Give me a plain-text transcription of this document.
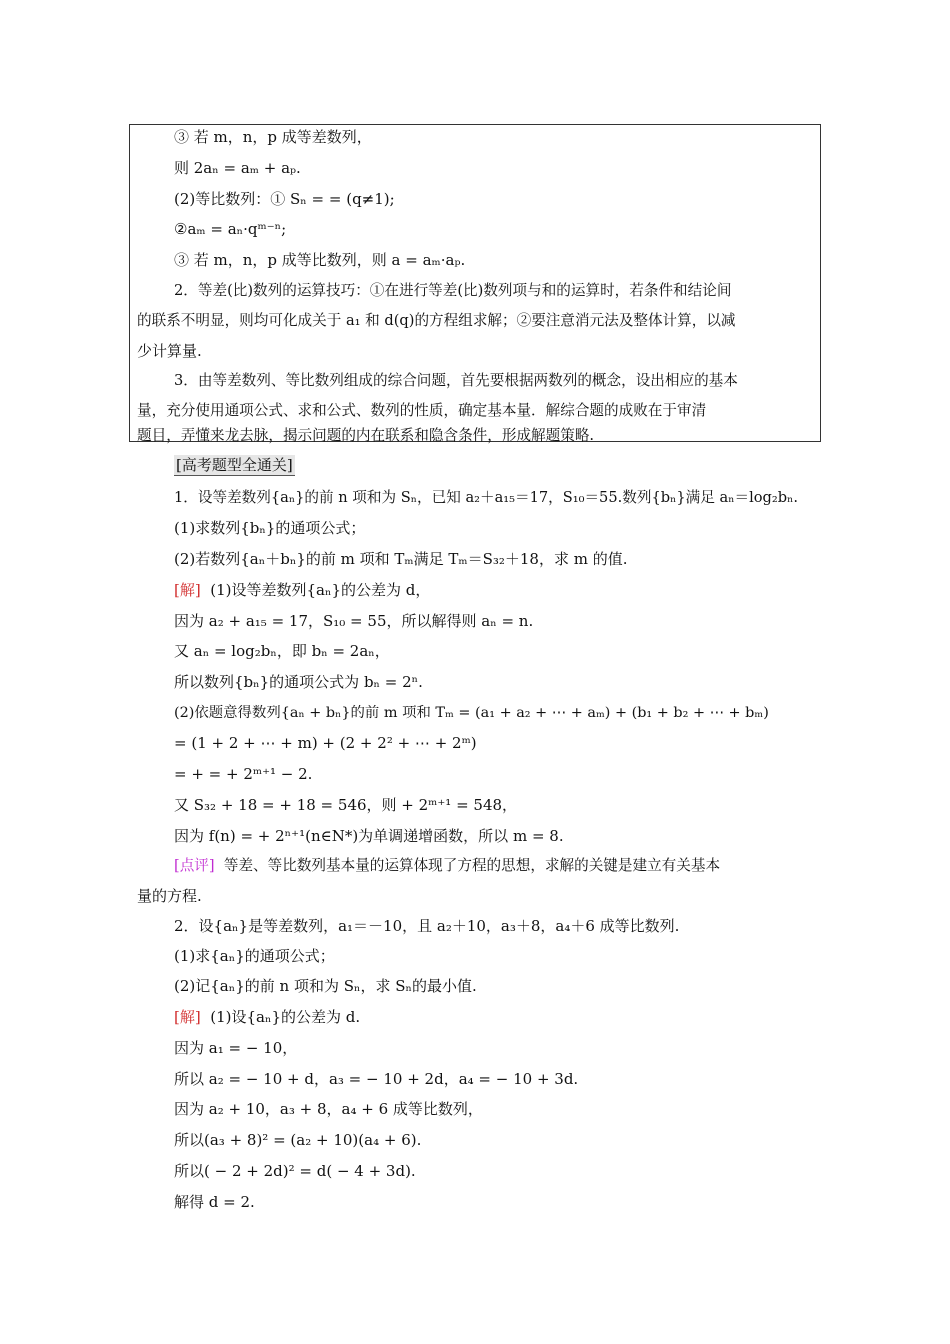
③ 若 m，n，p 成等差数列，
则 2aₙ = aₘ + aₚ.
(2)等比数列：① Sₙ = = (q≠1);
②aₘ = aₙ·qᵐ⁻ⁿ;
③ 若 m，n，p 成等比数列，则 a = aₘ·aₚ.
2．等差(比)数列的运算技巧：①在进行等差(比)数列项与和的运算时，若条件和结论间
的联系不明显，则均可化成关于 a₁ 和 d(q)的方程组求解；②要注意消元法及整体计算，以减
少计算量.
3．由等差数列、等比数列组成的综合问题，首先要根据两数列的概念，设出相应的基本
量，充分使用通项公式、求和公式、数列的性质，确定基本量．解综合题的成败在于审清
题目，弄懂来龙去脉，揭示问题的内在联系和隐含条件，形成解题策略.
[高考题型全通关]
1．设等差数列{aₙ}的前 n 项和为 Sₙ，已知 a₂＋a₁₅＝17，S₁₀＝55.数列{bₙ}满足 aₙ＝log₂bₙ.
(1)求数列{bₙ}的通项公式；
(2)若数列{aₙ＋bₙ}的前 m 项和 Tₘ满足 Tₘ＝S₃₂＋18，求 m 的值.
[解] (1)设等差数列{aₙ}的公差为 d，
因为 a₂ + a₁₅ = 17，S₁₀ = 55，所以解得则 aₙ = n.
又 aₙ = log₂bₙ，即 bₙ = 2aₙ，
所以数列{bₙ}的通项公式为 bₙ = 2ⁿ.
(2)依题意得数列{aₙ + bₙ}的前 m 项和 Tₘ = (a₁ + a₂ + ⋯ + aₘ) + (b₁ + b₂ + ⋯ + bₘ)
= (1 + 2 + ⋯ + m) + (2 + 2² + ⋯ + 2ᵐ)
= + = + 2ᵐ⁺¹ − 2.
又 S₃₂ + 18 = + 18 = 546，则 + 2ᵐ⁺¹ = 548，
因为 f(n) = + 2ⁿ⁺¹(n∈N*)为单调递增函数，所以 m = 8.
[点评] 等差、等比数列基本量的运算体现了方程的思想，求解的关键是建立有关基本
量的方程.
2．设{aₙ}是等差数列，a₁＝－10，且 a₂＋10，a₃＋8，a₄＋6 成等比数列.
(1)求{aₙ}的通项公式；
(2)记{aₙ}的前 n 项和为 Sₙ，求 Sₙ的最小值.
[解] (1)设{aₙ}的公差为 d.
因为 a₁ = − 10，
所以 a₂ = − 10 + d，a₃ = − 10 + 2d，a₄ = − 10 + 3d.
因为 a₂ + 10，a₃ + 8，a₄ + 6 成等比数列，
所以(a₃ + 8)² = (a₂ + 10)(a₄ + 6).
所以( − 2 + 2d)² = d( − 4 + 3d).
解得 d = 2.
